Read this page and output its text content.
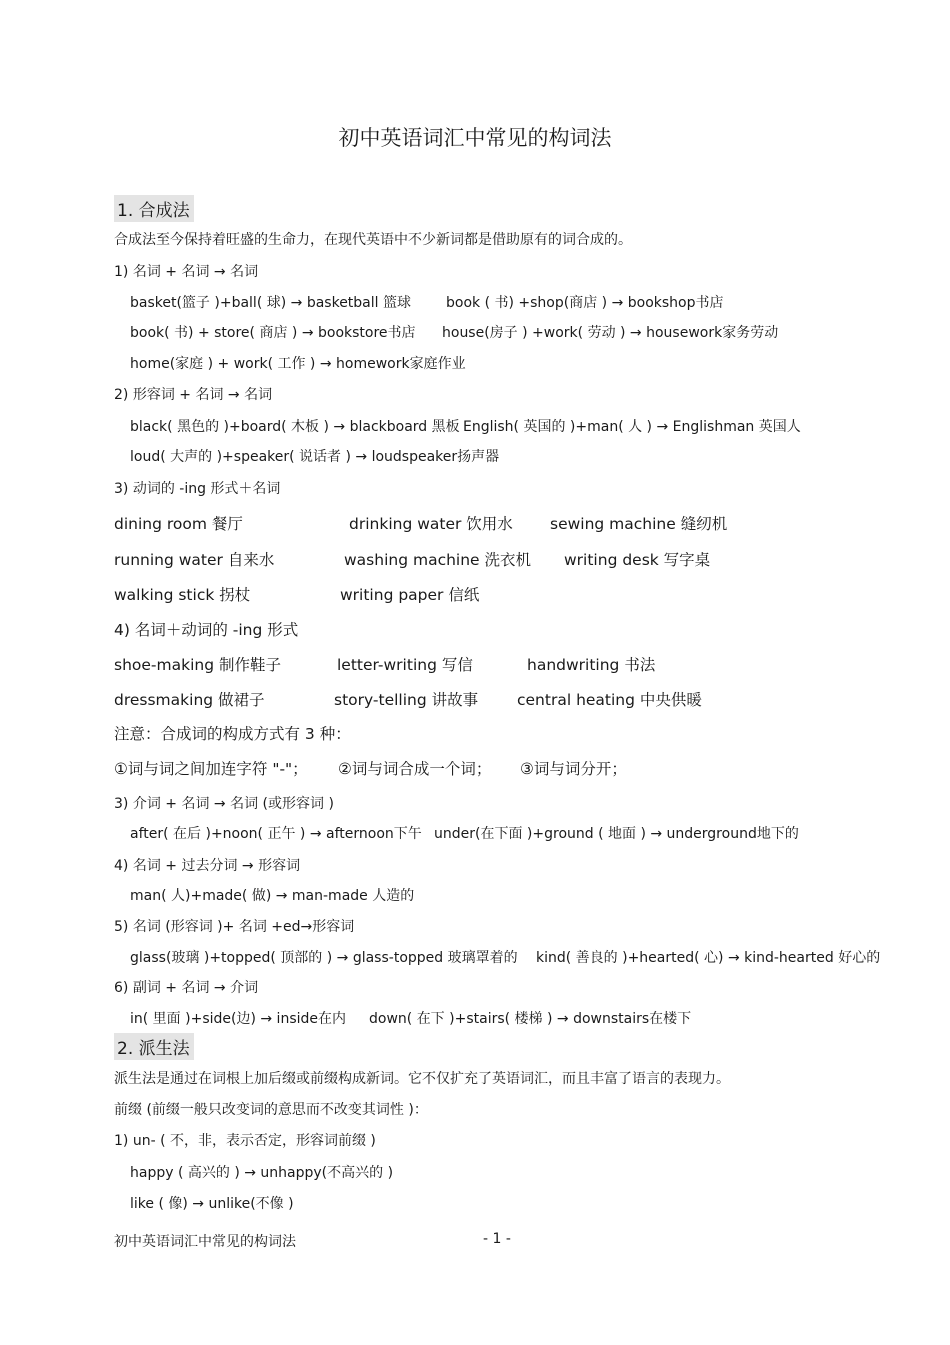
初中英语词汇中常见的构词法
1. 合成法
合成法至今保持着旺盛的生命力，在现代英语中不少新词都是借助原有的词合成的。
1) 名词 + 名词 → 名词
basket(篮子 )+ball( 球) → basketball 篮球	book ( 书) +shop(商店 ) → bookshop书店
book( 书) + store( 商店 ) → bookstore书店 house(房子 ) +work( 劳动 ) → housework家务劳动
home(家庭 ) + work( 工作 ) → homework家庭作业
2) 形容词 + 名词 → 名词
black( 黑色的 )+board( 木板 ) → blackboard 黑板 English( 英国的 )+man( 人 ) → Englishman 英国人
loud( 大声的 )+speaker( 说话者 ) → loudspeaker扬声器
3) 动词的 -ing 形式＋名词
dining room 餐厅	drinking water 饮用水 sewing machine 缝纫机
running water 自来水	washing machine 洗衣机 writing desk 写字桌
walking stick 拐杖	writing paper 信纸
4) 名词＋动词的 -ing 形式
shoe-making 制作鞋子	letter-writing 写信	handwriting 书法
dressmaking 做裙子	story-telling 讲故事	central heating 中央供暖
注意：合成词的构成方式有 3 种：
①词与词之间加连字符 "-"； ②词与词合成一个词； ③词与词分开；
3) 介词 + 名词 → 名词 (或形容词 )
after( 在后 )+noon( 正午 ) → afternoon下午 under(在下面 )+ground ( 地面 ) → underground地下的
4) 名词 + 过去分词 → 形容词
man( 人)+made( 做) → man-made 人造的
5) 名词 (形容词 )+ 名词 +ed→形容词
glass(玻璃 )+topped( 顶部的 ) → glass-topped 玻璃罩着的 kind( 善良的 )+hearted( 心) → kind-hearted 好心的
6) 副词 + 名词 → 介词
in( 里面 )+side(边) → inside在内 down( 在下 )+stairs( 楼梯 ) → downstairs在楼下
2. 派生法
派生法是通过在词根上加后缀或前缀构成新词。它不仅扩充了英语词汇，而且丰富了语言的表现力。
前缀 (前缀一般只改变词的意思而不改变其词性 )：
1) un- ( 不，非，表示否定，形容词前缀 )
happy ( 高兴的 ) → unhappy(不高兴的 )
like ( 像) → unlike(不像 )
初中英语词汇中常见的构词法	- 1 -
